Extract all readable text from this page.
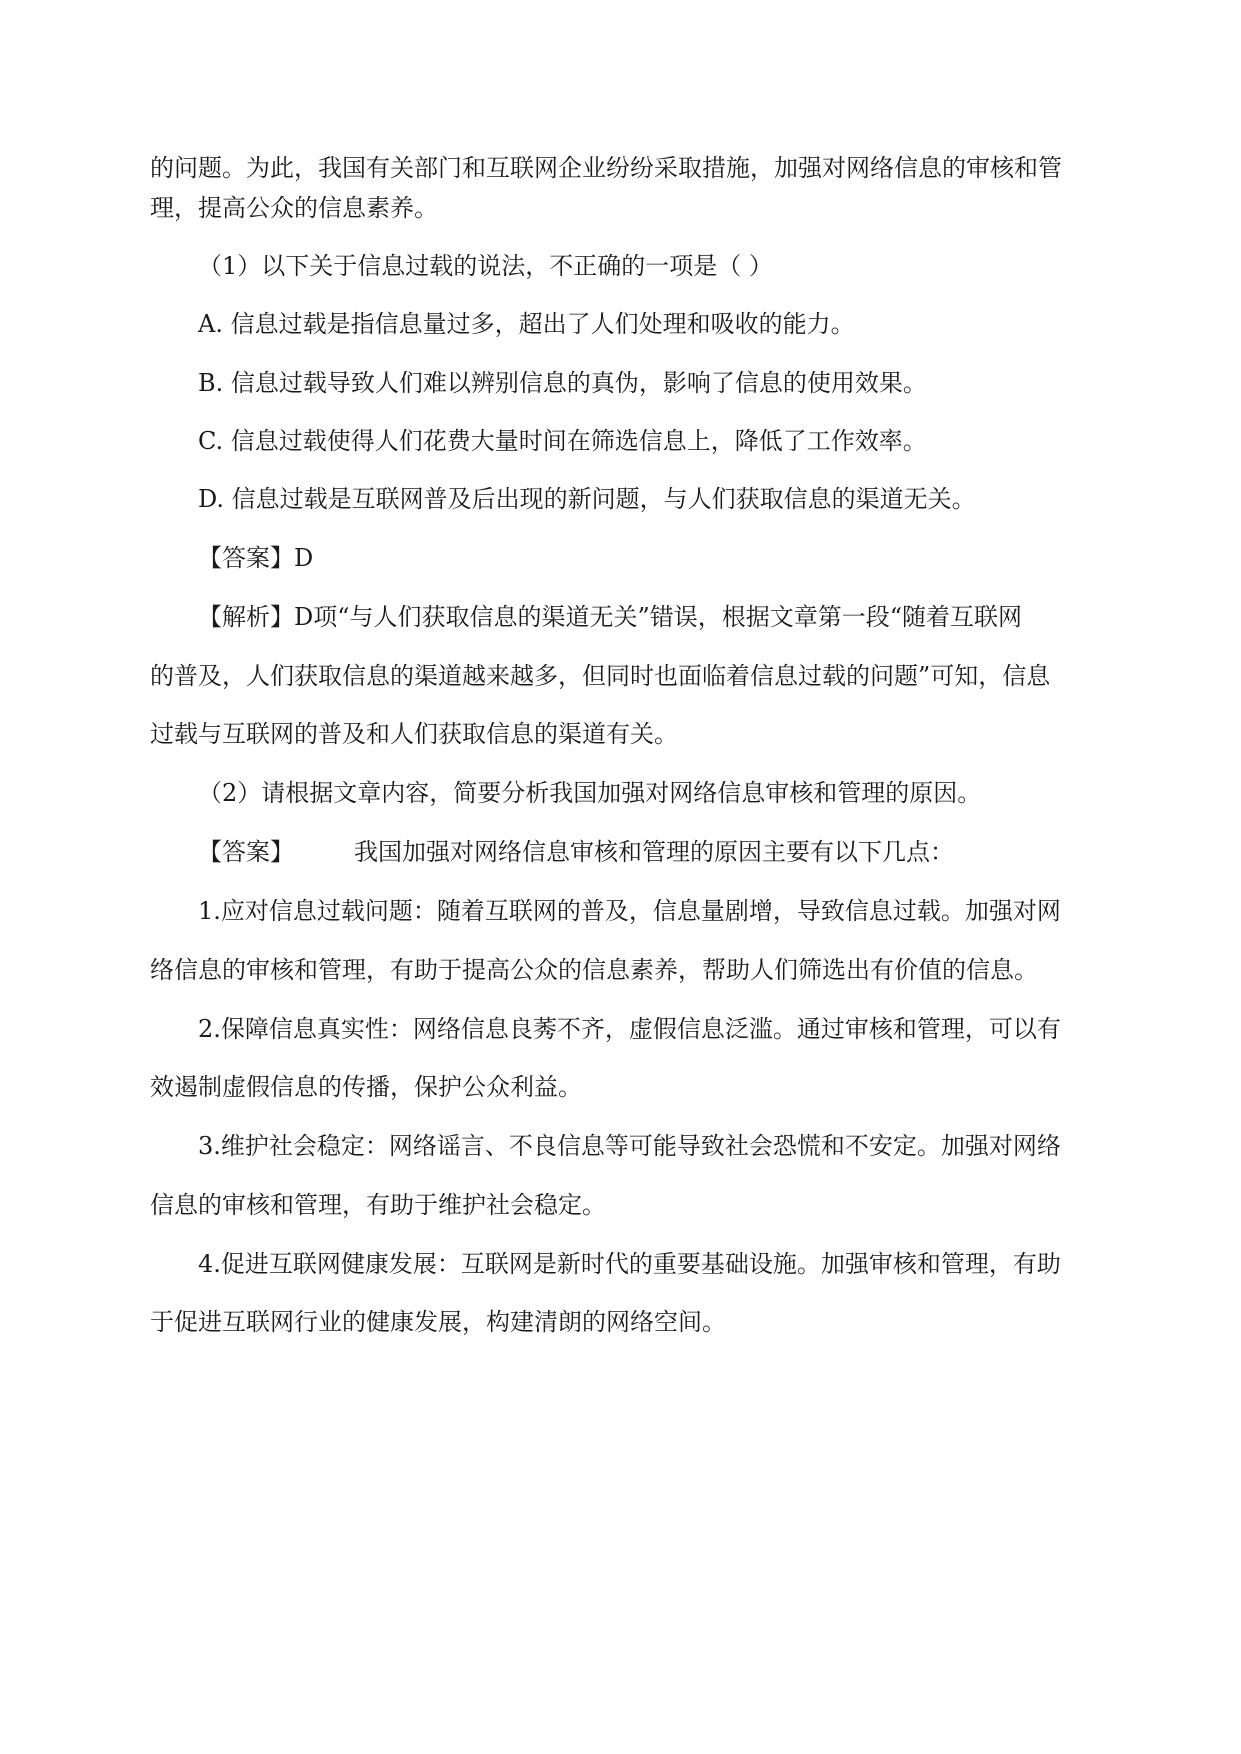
的问题。为此，我国有关部门和互联网企业纷纷采取措施，加强对网络信息的审核和管
理，提高公众的信息素养。
（1）以下关于信息过载的说法，不正确的一项是（ ）
A. 信息过载是指信息量过多，超出了人们处理和吸收的能力。
B. 信息过载导致人们难以辨别信息的真伪，影响了信息的使用效果。
C. 信息过载使得人们花费大量时间在筛选信息上，降低了工作效率。
D. 信息过载是互联网普及后出现的新问题，与人们获取信息的渠道无关。
【答案】D
【解析】D项“与人们获取信息的渠道无关”错误，根据文章第一段“随着互联网
的普及，人们获取信息的渠道越来越多，但同时也面临着信息过载的问题”可知，信息
过载与互联网的普及和人们获取信息的渠道有关。
（2）请根据文章内容，简要分析我国加强对网络信息审核和管理的原因。
【答案】	我国加强对网络信息审核和管理的原因主要有以下几点：
1.应对信息过载问题：随着互联网的普及，信息量剧增，导致信息过载。加强对网
络信息的审核和管理，有助于提高公众的信息素养，帮助人们筛选出有价值的信息。
2.保障信息真实性：网络信息良莠不齐，虚假信息泛滥。通过审核和管理，可以有
效遏制虚假信息的传播，保护公众利益。
3.维护社会稳定：网络谣言、不良信息等可能导致社会恐慌和不安定。加强对网络
信息的审核和管理，有助于维护社会稳定。
4.促进互联网健康发展：互联网是新时代的重要基础设施。加强审核和管理，有助
于促进互联网行业的健康发展，构建清朗的网络空间。
